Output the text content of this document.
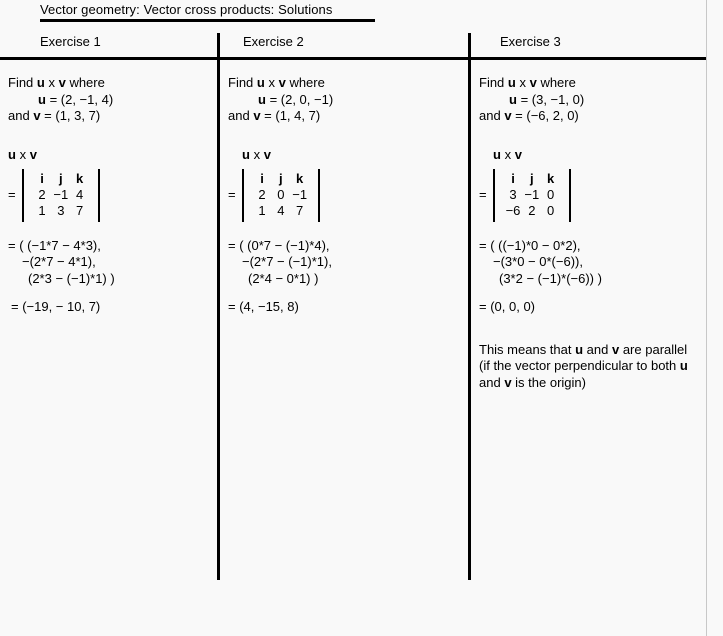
Vector geometry: Vector cross products: Solutions
Exercise 1	Exercise 2	Exercise 3
Find u x v where
u = (2, −1, 4)
and v = (1, 3, 7)
u x v
=
i	j	k
2 −1 4
1 3 7
= ( (−1*7 − 4*3),
−(2*7 − 4*1),
(2*3 − (−1)*1) )
= (−19, − 10, 7)
Find u x v where
u = (2, 0, −1)
and v = (1, 4, 7)
u x v
=
i	j	k
2 0 −1
1 4 7
= ( (0*7 − (−1)*4),
−(2*7 − (−1)*1),
(2*4 − 0*1) )
= (4, −15, 8)
Find u x v where
u = (3, −1, 0)
and v = (−6, 2, 0)
u x v
=
i	j	k
3 −1 0
−6 2 0
= ( ((−1)*0 − 0*2),
−(3*0 − 0*(−6)),
(3*2 − (−1)*(−6)) )
= (0, 0, 0)
This means that u and v are parallel (if the vector perpendicular to both u and v is the origin)
